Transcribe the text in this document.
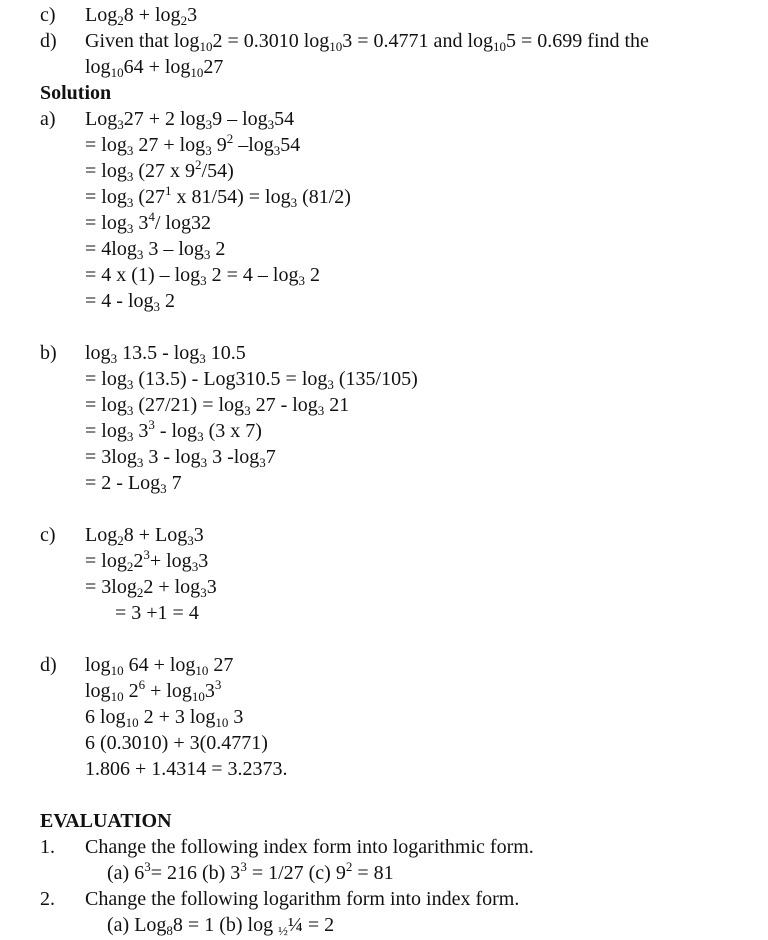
c) $Log_28 + \log_23$
d) Given that $\log_{10}2 = 0.3010$ $\log_{10}3 = 0.4771$ and $\log_{10}5 = 0.699$ find the
$\log_{10}64 + \log_{10}27$
Solution
a) Log$_3$27 + 2 $\log_39 - \log_354$
= $\log_3 27 + \log_3 9^2$ $-\log_354$
= $\log_3 (27$ x $9^2/54$)
= $\log_3 (27^1$ x $81/54) = \log_3 (81/2)$
= $\log_3 3^4/$ log32
= $4\log_3$ $3 - \log_3 2$
= 4 x $(1) - \log_3 2 = 4 - \log_3 2$
= $4 - \log_3 2$
b) $\log_3 13.5 - \log_3 10.5$
= $\log_3 (13.5) - Log310.5 = \log_3 (135/105)$
= $\log_3 (27/21) = \log_3 27 - \log_3 21$
= $\log_3 3^3 - \log_3 (3$ x 7)
= $3\log_3$ $3 - \log_3 3$ $-\log_37$
= 2 - Log$_3$ 7
c) Log$_2$8 + Log$_3$3
= $\log_22^3+ \log_33$
= $3\log_22 + \log_33$
= 3 +1 = 4
d) $\log_{10} 64 + \log_{10} 27$
$\log_{10} 2^6 + \log_{10}3^3$
6 $\log_{10} 2 + 3$ $\log_{10} 3$
6 (0.3010) + 3(0.4771)
1.806 + 1.4314 = 3.2373.
EVALUATION
1. Change the following index form into logarithmic form.
(a) $6^3= 216$ (b) $3^3 = 1/27$ (c) $9^2 = 81$
2. Change the following logarithm form into index form.
(a) Log$_8$8 = 1 (b) log $_{\frac{1}{2}}$¼ = 2
